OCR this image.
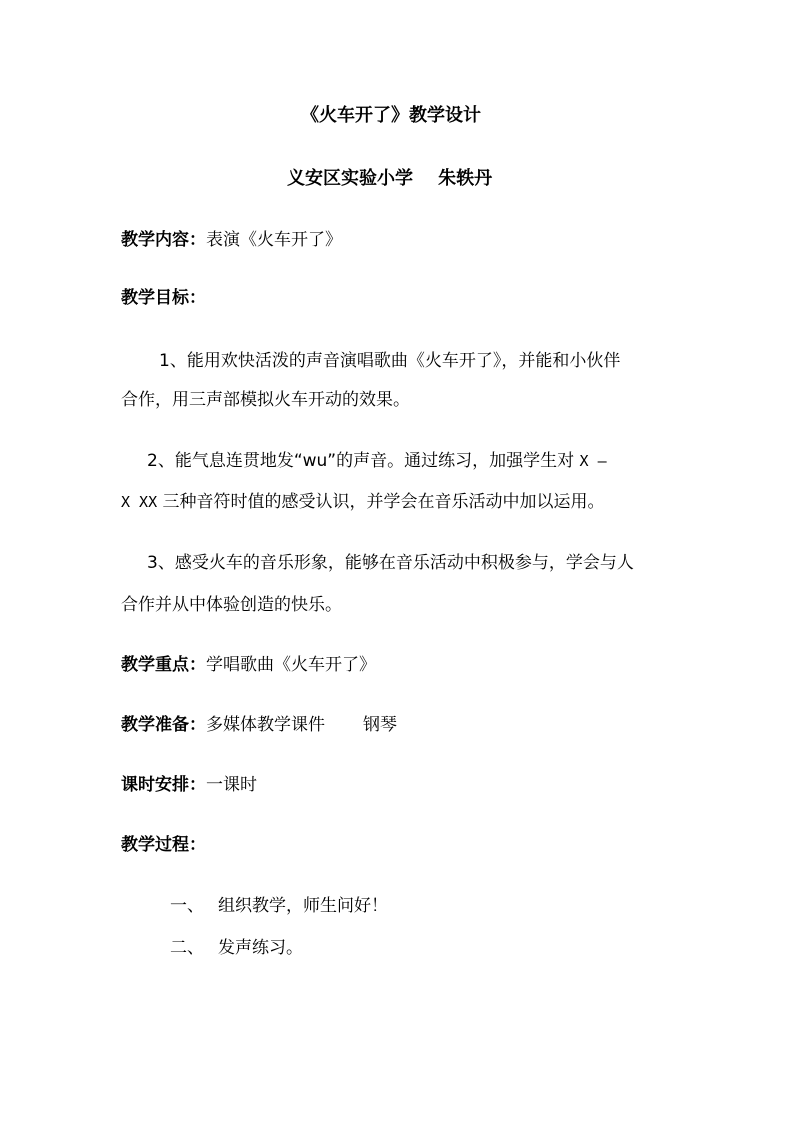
《火车开了》教学设计
义安区实验小学    朱轶丹
教学内容：表演《火车开了》
教学目标：
1、能用欢快活泼的声音演唱歌曲《火车开了》，并能和小伙伴
合作，用三声部模拟火车开动的效果。
2、能气息连贯地发“wu”的声音。通过练习，加强学生对 X —
X XX 三种音符时值的感受认识，并学会在音乐活动中加以运用。
3、感受火车的音乐形象，能够在音乐活动中积极参与，学会与人
合作并从中体验创造的快乐。
教学重点：学唱歌曲《火车开了》
教学准备：多媒体教学课件 钢琴
课时安排：一课时
教学过程：
一、 组织教学，师生问好！
二、 发声练习。
